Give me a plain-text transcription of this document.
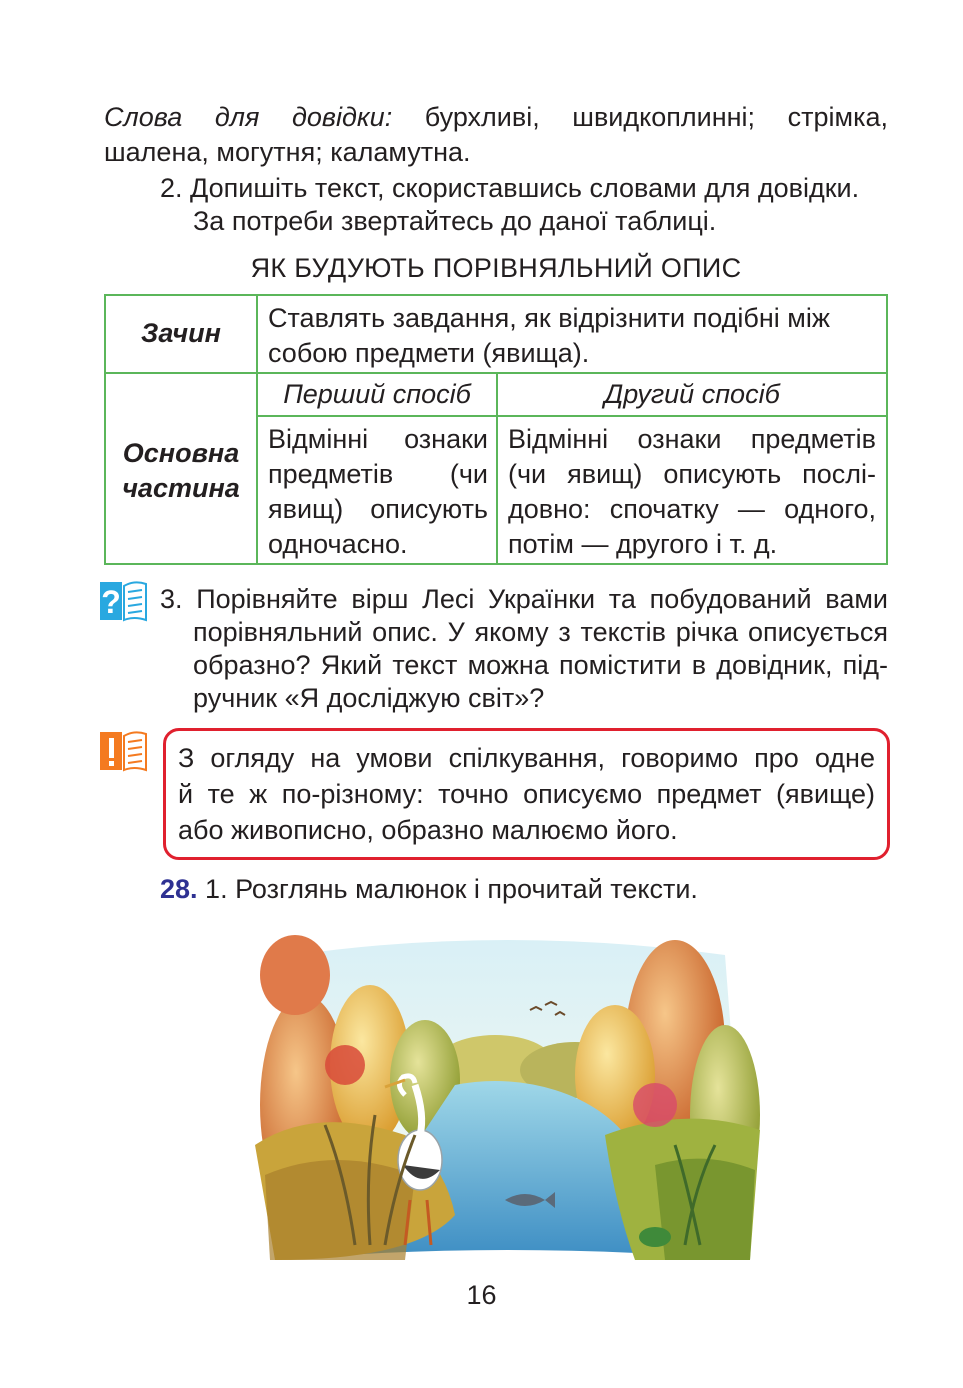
Слова для довідки: бурхливі, швидкоплинні; стрімка,
шалена, могутня; каламутна.
2. Допишіть текст, скориставшись словами для довідки.
За потреби звертайтесь до даної таблиці.
ЯК БУДУЮТЬ ПОРІВНЯЛЬНИЙ ОПИС
Зачин	Ставлять завдання, як відрізнити подібні між
собою предмети (явища).
Основна
частина
Перший спосіб	Другий спосіб
Відмінні ознаки
предметів (чи
явищ) описують
одночасно.
Відмінні ознаки предметів
(чи явищ) описують послі-
довно: спочатку — одного,
потім — другого і т. д.
? 3. Порівняйте вірш Лесі Українки та побудований вами
порівняльний опис. У якому з текстів річка описується
образно? Який текст можна помістити в довідник, під-
ручник «Я досліджую світ»?
З огляду на умови спілкування, говоримо про одне
й те ж по-різному: точно описуємо предмет (явище)
або живописно, образно малюємо його.
28. 1. Розглянь малюнок і прочитай тексти.
16
